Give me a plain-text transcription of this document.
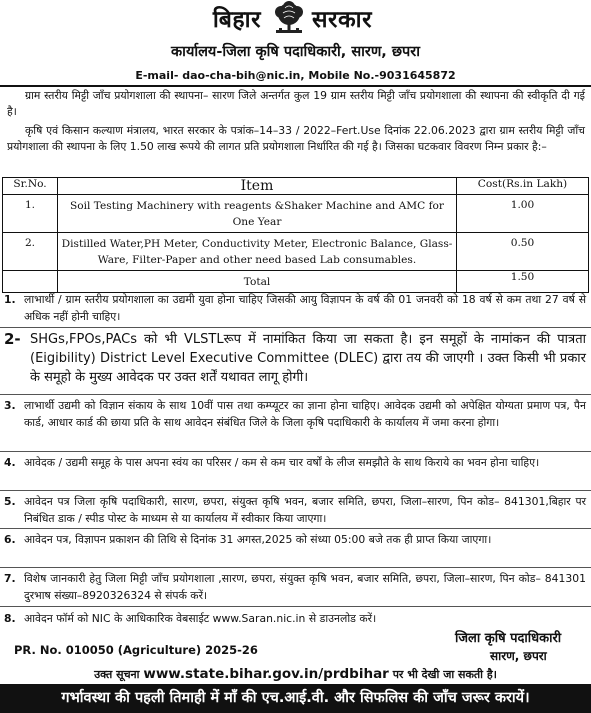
बिहार सरकार
कार्यालय-जिला कृषि पदाधिकारी, सारण, छपरा
E-mail- dao-cha-bih@nic.in, Mobile No.-9031645872
ग्राम स्तरीय मिट्टी जाँच प्रयोगशाला की स्थापना– सारण जिले अन्तर्गत कुल 19 ग्राम स्तरीय मिट्टी जाँच प्रयोगशाला की स्थापना की स्वीकृति दी गई है।
कृषि एवं किसान कल्याण मंत्रालय, भारत सरकार के पत्रांक–14–33 / 2022–Fert.Use दिनांक 22.06.2023 द्वारा ग्राम स्तरीय मिट्टी जाँच प्रयोगशाला की स्थापना के लिए 1.50 लाख रूपये की लागत प्रति प्रयोगशाला निर्धारित की गई है। जिसका घटकवार विवरण निम्न प्रकार है:–
Sr.No.	Item	Cost(Rs.in Lakh)
1.	Soil Testing Machinery with reagents &Shaker Machine and AMC for One Year	1.00
2.	Distilled Water,PH Meter, Conductivity Meter, Electronic Balance, Glass-Ware, Filter-Paper and other need based Lab consumables.	0.50
	Total	1.50
1. लाभार्थी / ग्राम स्तरीय प्रयोगशाला का उद्यमी युवा होना चाहिए जिसकी आयु विज्ञापन के वर्ष की 01 जनवरी को 18 वर्ष से कम तथा 27 वर्ष से अधिक नहीं होनी चाहिए।
2- SHGs,FPOs,PACs को भी VLSTLरूप में नामांकित किया जा सकता है। इन समूहों के नामांकन की पात्रता (Eigibility) District Level Executive Committee (DLEC) द्वारा तय की जाएगी । उक्त किसी भी प्रकार के समूहो के मुख्य आवेदक पर उक्त शर्तें यथावत लागू होगी।
3. लाभार्थी उद्यमी को विज्ञान संकाय के साथ 10वीं पास तथा कम्प्यूटर का ज्ञाना होना चाहिए। आवेदक उद्यमी को अपेक्षित योग्यता प्रमाण पत्र, पैन कार्ड, आधार कार्ड की छाया प्रति के साथ आवेदन संबंधित जिले के जिला कृषि पदाधिकारी के कार्यालय में जमा करना होगा।
4. आवेदक / उद्यमी समूह के पास अपना स्वंय का परिसर / कम से कम चार वर्षों के लीज समझौते के साथ किराये का भवन होना चाहिए।
5. आवेदन पत्र जिला कृषि पदाधिकारी, सारण, छपरा, संयुक्त कृषि भवन, बजार समिति, छपरा, जिला–सारण, पिन कोड– 841301,बिहार पर निबंधित डाक / स्पीड पोस्ट के माध्यम से या कार्यालय में स्वीकार किया जाएगा।
6. आवेदन पत्र, विज्ञापन प्रकाशन की तिथि से दिनांक 31 अगस्त,2025 को संध्या 05:00 बजे तक ही प्राप्त किया जाएगा।
7. विशेष जानकारी हेतु जिला मिट्टी जाँच प्रयोगशाला ,सारण, छपरा, संयुक्त कृषि भवन, बजार समिति, छपरा, जिला–सारण, पिन कोड– 841301 दुरभाष संख्या–8920326324 से संपर्क करें।
8. आवेदन फॉर्म को NIC के आधिकारिक वेबसाईट www.Saran.nic.in से डाउनलोड करें।
PR. No. 010050 (Agriculture) 2025-26
जिला कृषि पदाधिकारी
सारण, छपरा
उक्त सूचना www.state.bihar.gov.in/prdbihar पर भी देखी जा सकती है।
गर्भावस्था की पहली तिमाही में माँ की एच.आई.वी. और सिफलिस की जाँच जरूर करायें।
